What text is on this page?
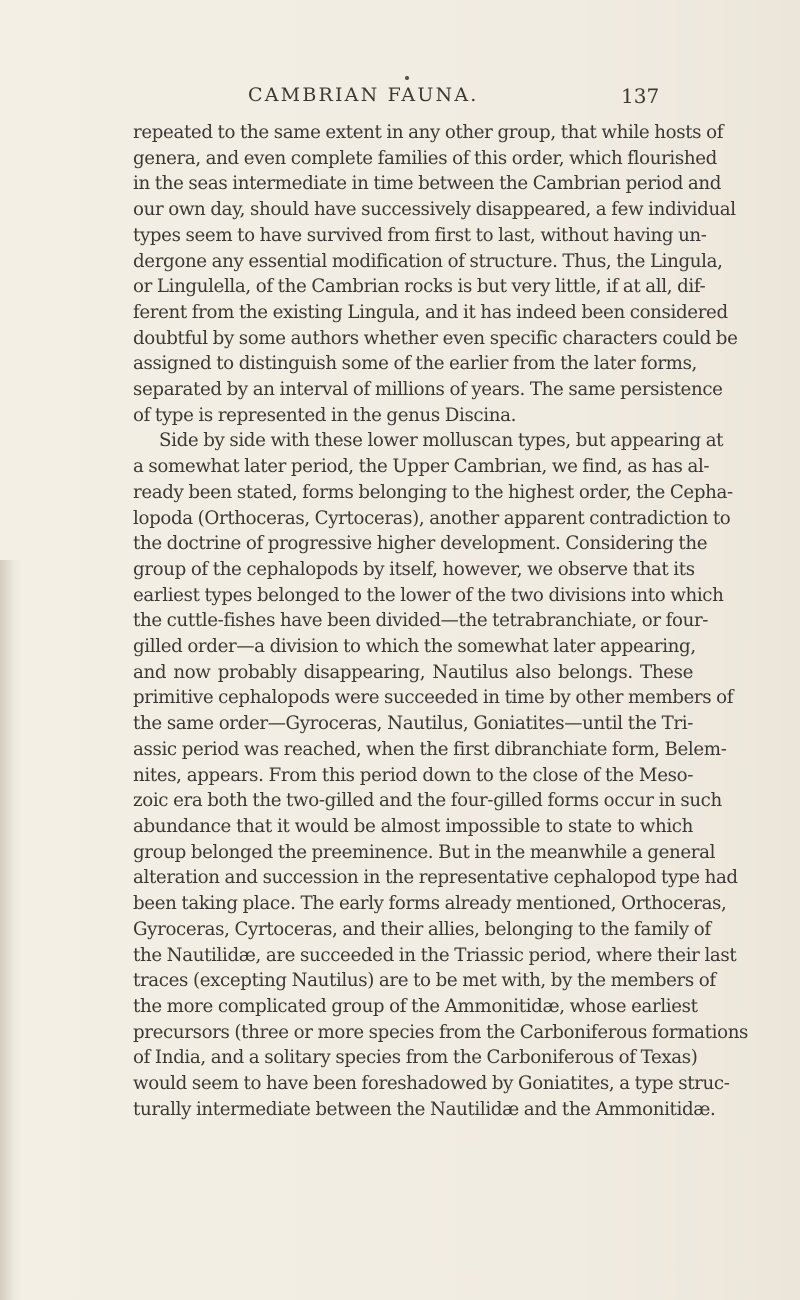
CAMBRIAN FAUNA.	137

repeated to the same extent in any other group, that while hosts of

genera, and even complete families of this order, which flourished

in the seas intermediate in time between the Cambrian period and

our own day, should have successively disappeared, a few individual

types seem to have survived from first to last, without having un-

dergone any essential modification of structure. Thus, the Lingula,

or Lingulella, of the Cambrian rocks is but very little, if at all, dif-

ferent from the existing Lingula, and it has indeed been considered

doubtful by some authors whether even specific characters could be

assigned to distinguish some of the earlier from the later forms,

separated by an interval of millions of years. The same persistence

of type is represented in the genus Discina.

Side by side with these lower molluscan types, but appearing at

a somewhat later period, the Upper Cambrian, we find, as has al-

ready been stated, forms belonging to the highest order, the Cepha-

lopoda (Orthoceras, Cyrtoceras), another apparent contradiction to

the doctrine of progressive higher development. Considering the

group of the cephalopods by itself, however, we observe that its

earliest types belonged to the lower of the two divisions into which

the cuttle-fishes have been divided—the tetrabranchiate, or four-

gilled order—a division to which the somewhat later appearing,

and now probably disappearing, Nautilus also belongs. These

primitive cephalopods were succeeded in time by other members of

the same order—Gyroceras, Nautilus, Goniatites—until the Tri-

assic period was reached, when the first dibranchiate form, Belem-

nites, appears. From this period down to the close of the Meso-

zoic era both the two-gilled and the four-gilled forms occur in such

abundance that it would be almost impossible to state to which

group belonged the preeminence. But in the meanwhile a general

alteration and succession in the representative cephalopod type had

been taking place. The early forms already mentioned, Orthoceras,

Gyroceras, Cyrtoceras, and their allies, belonging to the family of

the Nautilidæ, are succeeded in the Triassic period, where their last

traces (excepting Nautilus) are to be met with, by the members of

the more complicated group of the Ammonitidæ, whose earliest

precursors (three or more species from the Carboniferous formations

of India, and a solitary species from the Carboniferous of Texas)

would seem to have been foreshadowed by Goniatites, a type struc-

turally intermediate between the Nautilidæ and the Ammonitidæ.
